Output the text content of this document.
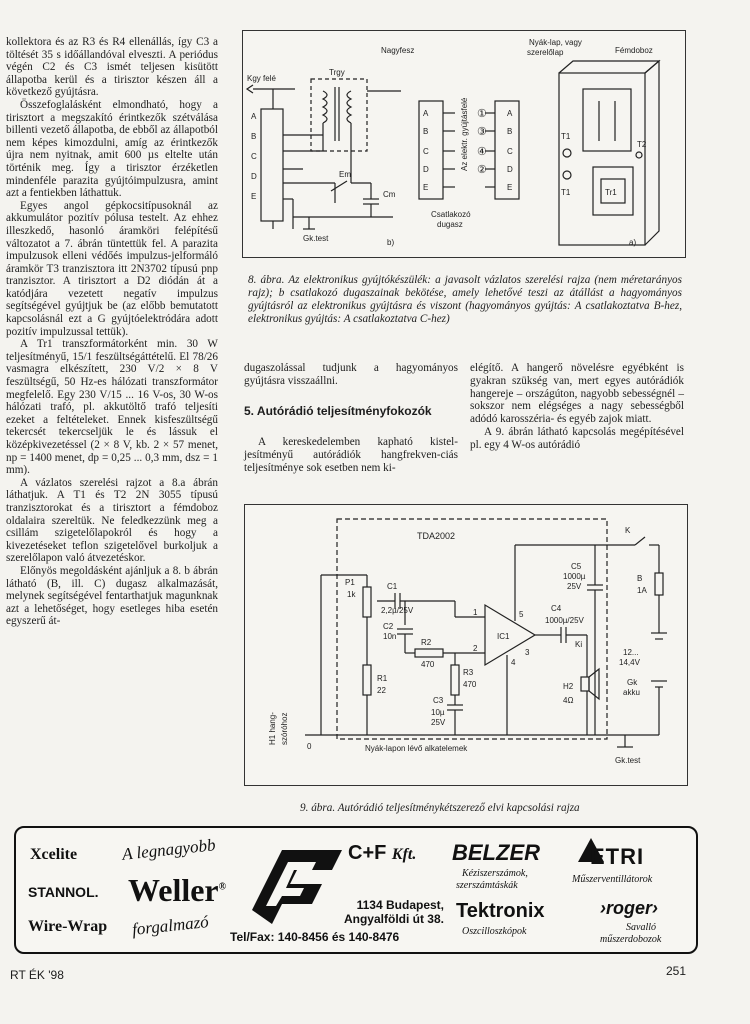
kollektora és az R3 és R4 ellenállás, így C3 a töltését 35 s időállandóval elveszti. A periódus végén C2 és C3 ismét teljesen kisütött állapotba kerül és a tirisztor készen áll a következő gyújtásra.

Összefoglalásként elmondható, hogy a tirisztort a megszakító érintkezők szétválása billenti vezető állapotba, de ebből az állapotból nem képes kimozdulni, amíg az érintkezők újra nem nyitnak, amit 600 µs eltelte után történik meg. Így a tirisztor érzéketlen mindenféle parazita gyújtóimpulzusra, amint azt a fentiekben láthattuk.

Egyes angol gépkocsitípusoknál az akkumulátor pozitív pólusa testelt. Az ehhez illeszkedő, hasonló áramköri felépítésű változatot a 7. ábrán tüntettük fel. A parazita impulzusok elleni védőés impulzus-jelformáló áramkör T3 tranzisztora itt 2N3702 típusú pnp tranzisztor. A tirisztort a D2 diódán át a katódjára vezetett negatív impulzus segítségével gyújtjuk be (az előbb bemutatott kapcsolásnál ezt a G gyújtóelektródára adott pozitív impulzussal tettük).

A Tr1 transzformátorként min. 30 W teljesítményű, 15/1 feszültségáttételű. El 78/26 vasmagra elkészített, 230 V/2 × 8 V feszültségű, 50 Hz-es hálózati transzformátor megfelelő. Egy 230 V/15 ... 16 V-os, 30 W-os hálózati trafó, pl. akkutöltő trafó teljesíti ezeket a feltételeket. Ennek kisfeszültségű tekercsét tekercseljük le és lássuk el középkivezetéssel (2 × 8 V, kb. 2 × 57 menet, np = 1400 menet, dp = 0,25 ... 0,3 mm, dsz = 1 mm).

A vázlatos szerelési rajzot a 8.a ábrán láthatjuk. A T1 és T2 2N 3055 típusú tranzisztorokat és a tirisztort a fémdoboz oldalaira szereltük. Ne feledkezzünk meg a csillám szigetelőlapokról és hogy a kivezetéseket teflon szigetelővel burkoljuk a szerelőlapon való átvezetéskor.

Előnyös megoldásként ajánljuk a 8. b ábrán látható (B, ill. C) dugasz alkalmazását, melynek segítségével fentarthatjuk magunknak azt a lehetőséget, hogy esetleges hiba esetén egyszerű át-

Kgy felé
Trgy
Nagyfesz
Gk.test
Em
Cm
b)	a)
Csatlakozó
dugasz
Nyák-lap, vagy
szerelőlap	Fémdoboz
T1
T1
T2
Tr1
Az elektr. gyújtásfelé
A
B
C
D
E
A
B
C
D
E
A
B
C
D
E
①
③
④
②
8. ábra. Az elektronikus gyújtókészülék: a javasolt vázlatos szerelési rajza (nem méretarányos rajz); b csatlakozó dugaszainak bekötése, amely lehetővé teszi az átállást a hagyományos gyújtásról az elektronikus gyújtásra és viszont (hagyományos gyújtás: A csatlakoztatva B-hez, elektronikus gyújtás: A csatlakoztatva C-hez)

dugaszolással tudjunk a hagyományos gyújtásra visszaállni.

5. Autórádió teljesítményfokozók

A kereskedelemben kapható kistel-jesítményű autórádiók hangfrekven-ciás teljesítménye sok esetben nem ki-

elégítő. A hangerő növelésre egyébként is gyakran szükség van, mert egyes autórádiók hangereje – országúton, nagyobb sebességnél – sokszor nem elégséges a nagy sebességből adódó karosszéria- és egyéb zajok miatt.

A 9. ábrán látható kapcsolás megépítésével pl. egy 4 W-os autórádió

TDA2002
P1
1k
C1
2,2µ/25V
C2
10n
R2
470
R1
22
R3
470
C3
10µ
25V
C5
1000µ
25V
C4
1000µ/25V
IC1
Ki
H2
4Ω
H1 hang- szóróhoz
0	Nyák-lapon lévő alkatelemek
Gk.test
K
B
1A
12...
14,4V
Gk
akku
1
2	3
4
5
9. ábra. Autórádió teljesítménykétszerező elvi kapcsolási rajza
Xcelite
STANNOL.
Wire-Wrap
A legnagyobb
Weller®
forgalmazó
C+F Kft.
1134 Budapest,
Angyalföldi út 38.
Tel/Fax: 140-8456 és 140-8476
BELZER
Kéziszerszámok,
szerszámtáskák
ETRI
Műszerventillátorok
Tektronix
Oszcilloszkópok
›roger›
Savalló
műszerdobozok
RT ÉK '98	251
